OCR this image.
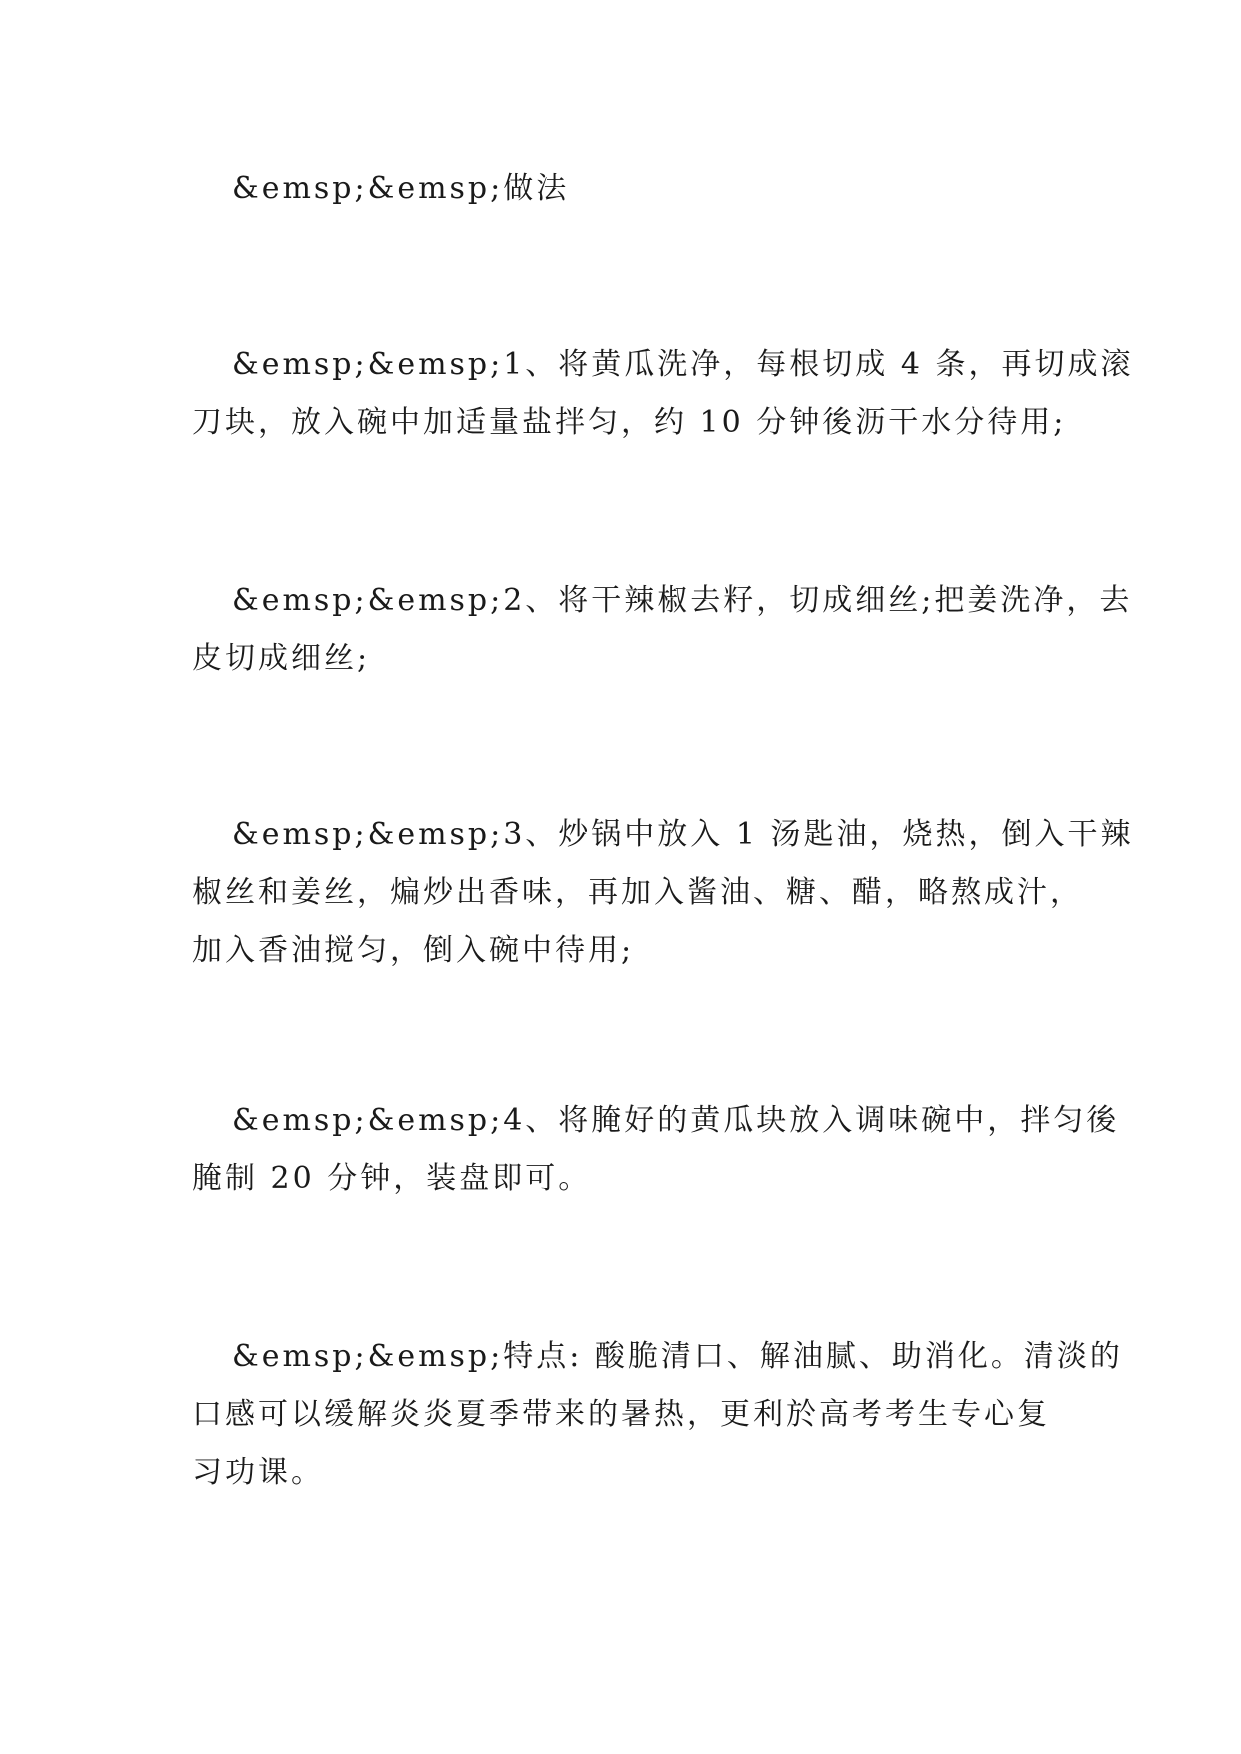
&emsp;&emsp;做法

&emsp;&emsp;1、将黄瓜洗净，每根切成 4 条，再切成滚
刀块，放入碗中加适量盐拌匀，约 10 分钟後沥干水分待用;

&emsp;&emsp;2、将干辣椒去籽，切成细丝;把姜洗净，去
皮切成细丝;

&emsp;&emsp;3、炒锅中放入 1 汤匙油，烧热，倒入干辣
椒丝和姜丝，煸炒出香味，再加入酱油、糖、醋，略熬成汁，
加入香油搅匀，倒入碗中待用;

&emsp;&emsp;4、将腌好的黄瓜块放入调味碗中，拌匀後
腌制 20 分钟，装盘即可。

&emsp;&emsp;特点: 酸脆清口、解油腻、助消化。清淡的
口感可以缓解炎炎夏季带来的暑热，更利於高考考生专心复
习功课。
